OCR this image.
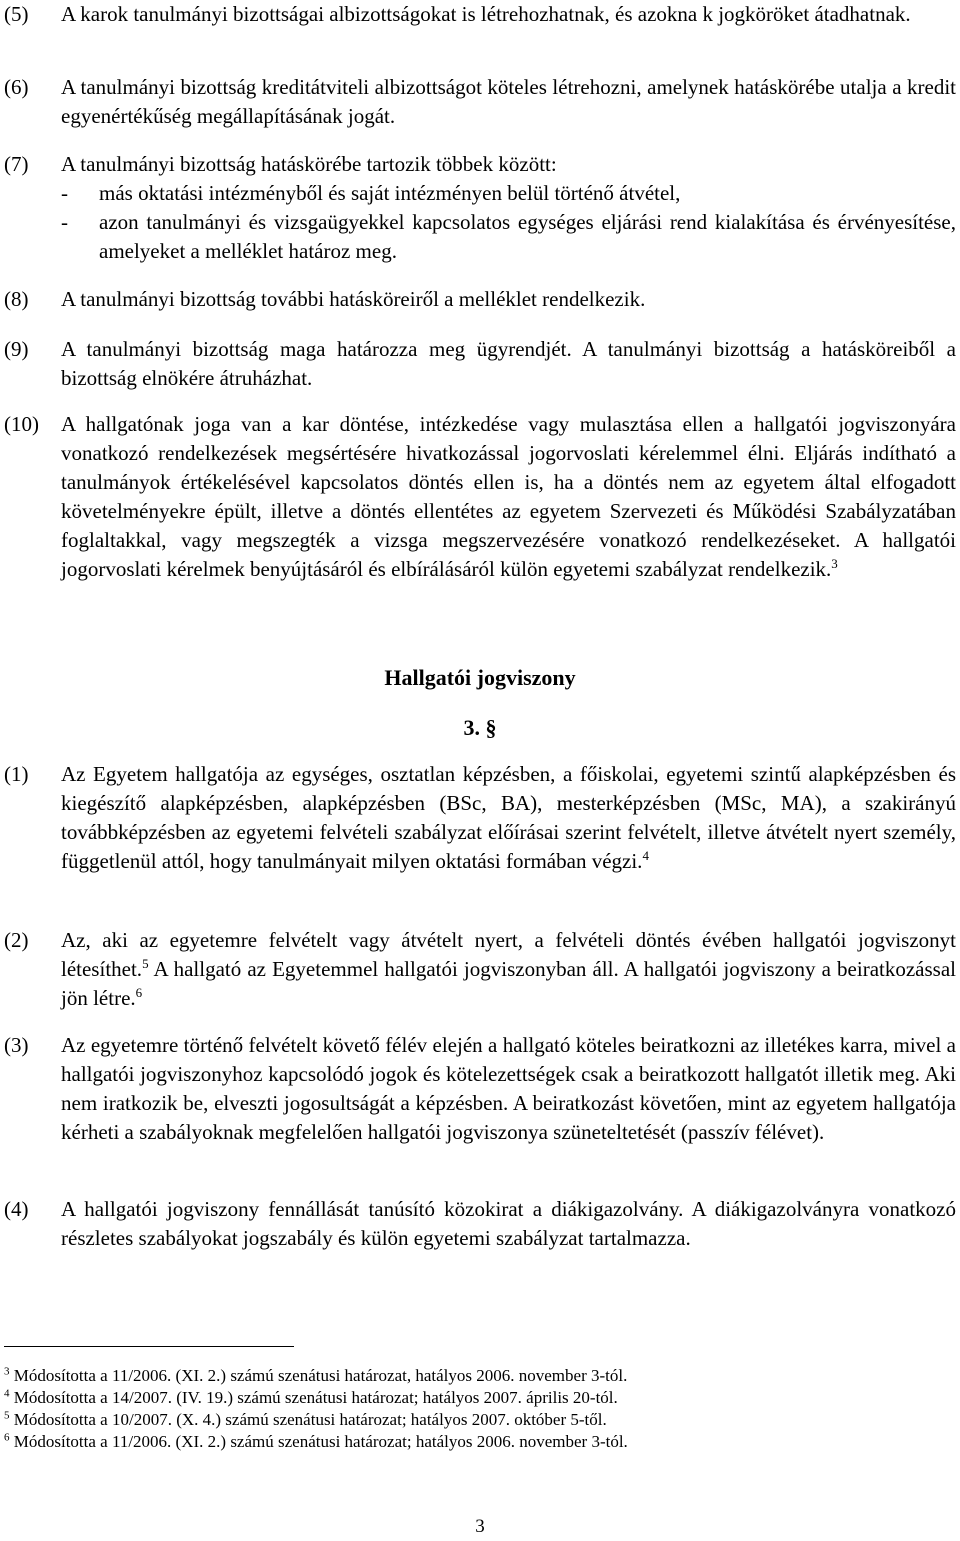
(5) A karok tanulmányi bizottságai albizottságokat is létrehozhatnak, és azokna k jogköröket átadhatnak.
(6) A tanulmányi bizottság kreditátviteli albizottságot köteles létrehozni, amelynek hatáskörébe utalja a kredit egyenértékűség megállapításának jogát.
(7) A tanulmányi bizottság hatáskörébe tartozik többek között:
- más oktatási intézményből és saját intézményen belül történő átvétel,
- azon tanulmányi és vizsgaügyekkel kapcsolatos egységes eljárási rend kialakítása és érvényesítése, amelyeket a melléklet határoz meg.
(8) A tanulmányi bizottság további hatásköreiről a melléklet rendelkezik.
(9) A tanulmányi bizottság maga határozza meg ügyrendjét. A tanulmányi bizottság a hatásköreiből a bizottság elnökére átruházhat.
(10) A hallgatónak joga van a kar döntése, intézkedése vagy mulasztása ellen a hallgatói jogviszonyára vonatkozó rendelkezések megsértésére hivatkozással jogorvoslati kérelemmel élni. Eljárás indítható a tanulmányok értékelésével kapcsolatos döntés ellen is, ha a döntés nem az egyetem által elfogadott követelményekre épült, illetve a döntés ellentétes az egyetem Szervezeti és Működési Szabályzatában foglaltakkal, vagy megszegték a vizsga megszervezésére vonatkozó rendelkezéseket. A hallgatói jogorvoslati kérelmek benyújtásáról és elbírálásáról külön egyetemi szabályzat rendelkezik.$^3$
Hallgatói jogviszony
3. §
(1) Az Egyetem hallgatója az egységes, osztatlan képzésben, a főiskolai, egyetemi szintű alapképzésben és kiegészítő alapképzésben, alapképzésben (BSc, BA), mesterképzésben (MSc, MA), a szakirányú továbbképzésben az egyetemi felvételi szabályzat előírásai szerint felvételt, illetve átvételt nyert személy, függetlenül attól, hogy tanulmányait milyen oktatási formában végzi.$^4$
(2) Az, aki az egyetemre felvételt vagy átvételt nyert, a felvételi döntés évében hallgatói jogviszonyt létesíthet.$^5$ A hallgató az Egyetemmel hallgatói jogviszonyban áll. A hallgatói jogviszony a beiratkozással jön létre.$^6$
(3) Az egyetemre történő felvételt követő félév elején a hallgató köteles beiratkozni az illetékes karra, mivel a hallgatói jogviszonyhoz kapcsolódó jogok és kötelezettségek csak a beiratkozott hallgatót illetik meg. Aki nem iratkozik be, elveszti jogosultságát a képzésben. A beiratkozást követően, mint az egyetem hallgatója kérheti a szabályoknak megfelelően hallgatói jogviszonya szüneteltetését (passzív félévet).
(4) A hallgatói jogviszony fennállását tanúsító közokirat a diákigazolvány. A diákigazolványra vonatkozó részletes szabályokat jogszabály és külön egyetemi szabályzat tartalmazza.
$^3$ Módosította a 11/2006. (XI. 2.) számú szenátusi határozat, hatályos 2006. november 3-tól.
$^4$ Módosította a 14/2007. (IV. 19.) számú szenátusi határozat; hatályos 2007. április 20-tól.
$^5$ Módosította a 10/2007. (X. 4.) számú szenátusi határozat; hatályos 2007. október 5-től.
$^6$ Módosította a 11/2006. (XI. 2.) számú szenátusi határozat; hatályos 2006. november 3-tól.
3
